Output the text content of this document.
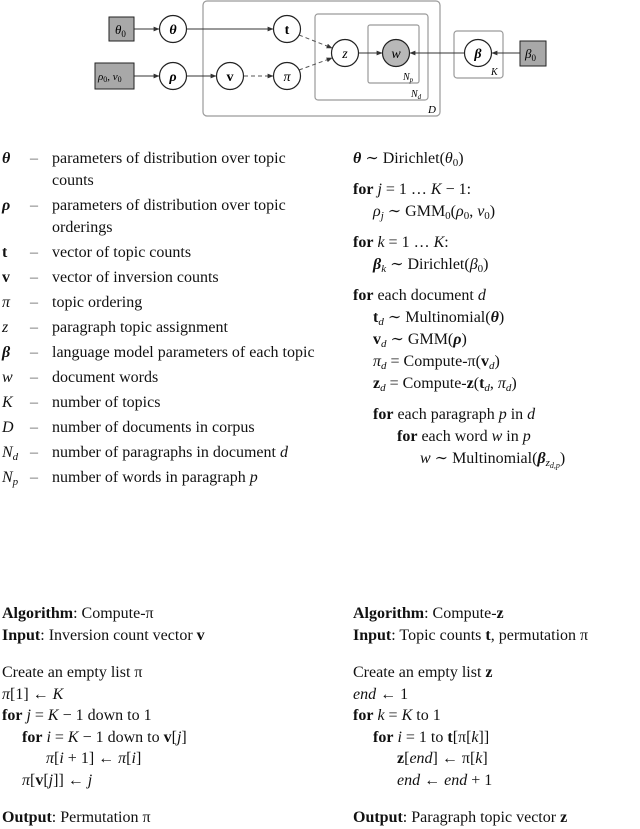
D
$N_d$
$N_p$
K
$\theta_0$
ρ0, ν0
$\beta_0$
θ
ρ
t
v	π
z	w	β
θ	– parameters of distribution over topic counts
ρ	– parameters of distribution over topic orderings
t	– vector of topic counts
v	– vector of inversion counts
π	– topic ordering
z	– paragraph topic assignment
β	– language model parameters of each topic
w	– document words
K	– number of topics
D	– number of documents in corpus
$N_d$ – number of paragraphs in document d
$N_p$ – number of words in paragraph p
θ ∼ $Dirichlet(\theta_0)$
for j = 1 … K − 1:
$\rho_j$ ∼ $GMM_0(\rho_0$, $\nu_0$)
for k = 1 … K:
$\beta_k$ ∼ $Dirichlet(\beta_0)$
for each document d
$t_d$ ∼ Multinomial(θ)
$v_d$ ∼ GMM(ρ)
$\pi_d$ = Compute-$\pi(v_d)$
$z_d$ = Compute-$z(t_d$, $\pi_d$)
for each paragraph p in d
for each word w in p
w ∼ $Multinomial(\beta_{zd,p})$
Algorithm: Compute-π
Input: Inversion count vector v
Create an empty list π
π[1] ← K
for j = K − 1 down to 1
for i = K − 1 down to v[j]
π[i + 1] ← π[i]
π[v[j]] ← j
Output: Permutation π
Algorithm: Compute-z
Input: Topic counts t, permutation π
Create an empty list z
end ← 1
for k = K to 1
for i = 1 to t[π[k]]
z[end] ← π[k]
end ← end + 1
Output: Paragraph topic vector z
